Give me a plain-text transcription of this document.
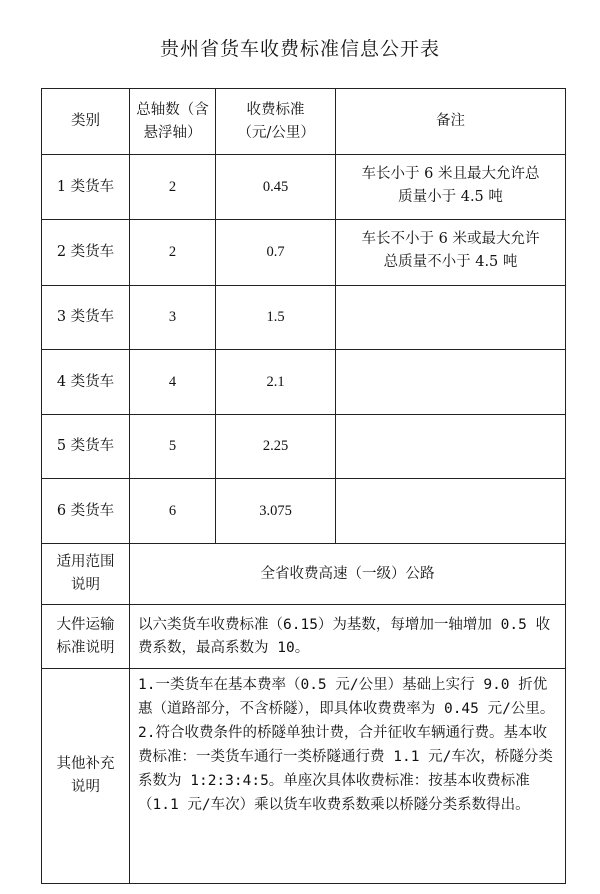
贵州省货车收费标准信息公开表
类别	总轴数（含悬浮轴）	收费标准（元/公里）	备注
1 类货车	2	0.45	车长小于 6 米且最大允许总质量小于 4.5 吨
2 类货车	2	0.7	车长不小于 6 米或最大允许总质量不小于 4.5 吨
3 类货车	3	1.5	
4 类货车	4	2.1	
5 类货车	5	2.25	
6 类货车	6	3.075	
适用范围说明	全省收费高速（一级）公路		
大件运输标准说明	以六类货车收费标准（6.15）为基数，每增加一轴增加 0.5 收费系数，最高系数为 10。		
其他补充说明	1.一类货车在基本费率（0.5 元/公里）基础上实行 9.0 折优惠（道路部分，不含桥隧），即具体收费费率为 0.45 元/公里。
2.符合收费条件的桥隧单独计费，合并征收车辆通行费。基本收费标准：一类货车通行一类桥隧通行费 1.1 元/车次，桥隧分类系数为 1:2:3:4:5。单座次具体收费标准：按基本收费标准（1.1 元/车次）乘以货车收费系数乘以桥隧分类系数得出。		
